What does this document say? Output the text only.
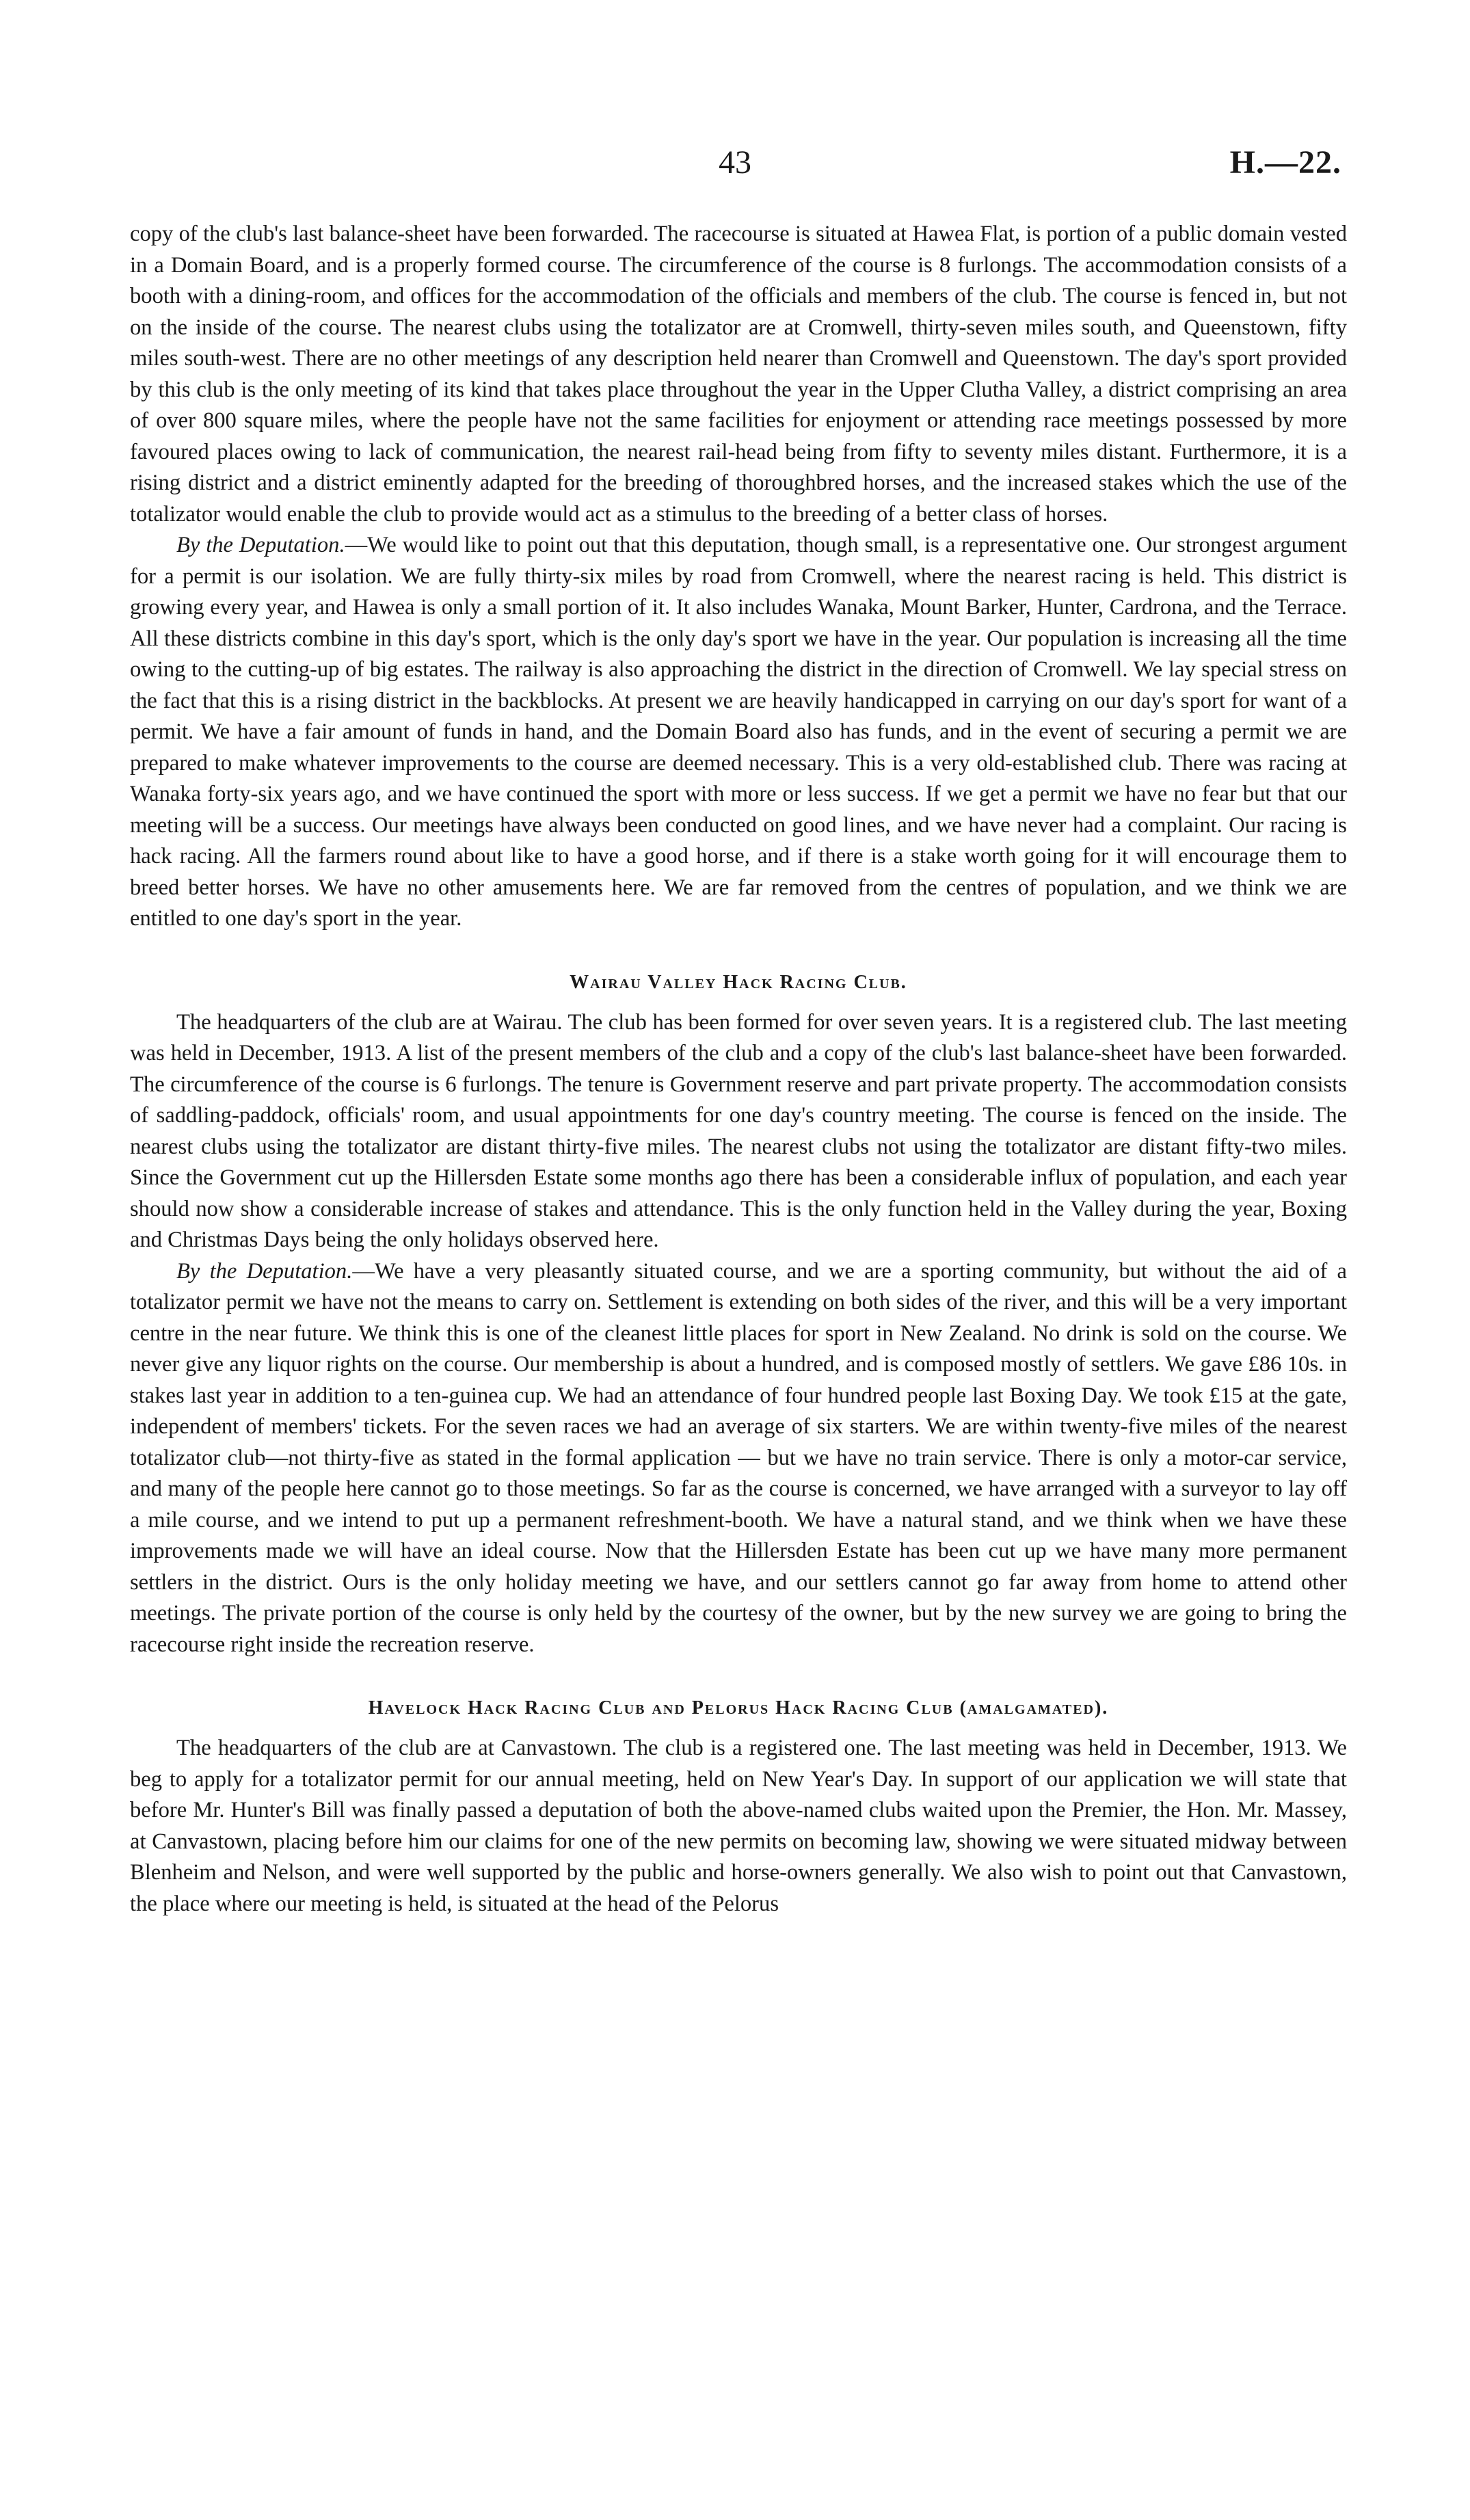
43	H.—22.

copy of the club's last balance-sheet have been forwarded. The racecourse is situated at Hawea Flat, is portion of a public domain vested in a Domain Board, and is a properly formed course. The circumference of the course is 8 furlongs. The accommodation consists of a booth with a dining-room, and offices for the accommodation of the officials and members of the club. The course is fenced in, but not on the inside of the course. The nearest clubs using the totalizator are at Cromwell, thirty-seven miles south, and Queenstown, fifty miles south-west. There are no other meetings of any description held nearer than Cromwell and Queenstown. The day's sport provided by this club is the only meeting of its kind that takes place throughout the year in the Upper Clutha Valley, a district comprising an area of over 800 square miles, where the people have not the same facilities for enjoyment or attending race meetings possessed by more favoured places owing to lack of communication, the nearest rail-head being from fifty to seventy miles distant. Furthermore, it is a rising district and a district eminently adapted for the breeding of thoroughbred horses, and the increased stakes which the use of the totalizator would enable the club to provide would act as a stimulus to the breeding of a better class of horses.

By the Deputation.—We would like to point out that this deputation, though small, is a representative one. Our strongest argument for a permit is our isolation. We are fully thirty-six miles by road from Cromwell, where the nearest racing is held. This district is growing every year, and Hawea is only a small portion of it. It also includes Wanaka, Mount Barker, Hunter, Cardrona, and the Terrace. All these districts combine in this day's sport, which is the only day's sport we have in the year. Our population is increasing all the time owing to the cutting-up of big estates. The railway is also approaching the district in the direction of Cromwell. We lay special stress on the fact that this is a rising district in the backblocks. At present we are heavily handicapped in carrying on our day's sport for want of a permit. We have a fair amount of funds in hand, and the Domain Board also has funds, and in the event of securing a permit we are prepared to make whatever improvements to the course are deemed necessary. This is a very old-established club. There was racing at Wanaka forty-six years ago, and we have continued the sport with more or less success. If we get a permit we have no fear but that our meeting will be a success. Our meetings have always been conducted on good lines, and we have never had a complaint. Our racing is hack racing. All the farmers round about like to have a good horse, and if there is a stake worth going for it will encourage them to breed better horses. We have no other amusements here. We are far removed from the centres of population, and we think we are entitled to one day's sport in the year.

Wairau Valley Hack Racing Club.

The headquarters of the club are at Wairau. The club has been formed for over seven years. It is a registered club. The last meeting was held in December, 1913. A list of the present members of the club and a copy of the club's last balance-sheet have been forwarded. The circumference of the course is 6 furlongs. The tenure is Government reserve and part private property. The accommodation consists of saddling-paddock, officials' room, and usual appointments for one day's country meeting. The course is fenced on the inside. The nearest clubs using the totalizator are distant thirty-five miles. The nearest clubs not using the totalizator are distant fifty-two miles. Since the Government cut up the Hillersden Estate some months ago there has been a considerable influx of population, and each year should now show a considerable increase of stakes and attendance. This is the only function held in the Valley during the year, Boxing and Christmas Days being the only holidays observed here.

By the Deputation.—We have a very pleasantly situated course, and we are a sporting community, but without the aid of a totalizator permit we have not the means to carry on. Settlement is extending on both sides of the river, and this will be a very important centre in the near future. We think this is one of the cleanest little places for sport in New Zealand. No drink is sold on the course. We never give any liquor rights on the course. Our membership is about a hundred, and is composed mostly of settlers. We gave £86 10s. in stakes last year in addition to a ten-guinea cup. We had an attendance of four hundred people last Boxing Day. We took £15 at the gate, independent of members' tickets. For the seven races we had an average of six starters. We are within twenty-five miles of the nearest totalizator club—not thirty-five as stated in the formal application — but we have no train service. There is only a motor-car service, and many of the people here cannot go to those meetings. So far as the course is concerned, we have arranged with a surveyor to lay off a mile course, and we intend to put up a permanent refreshment-booth. We have a natural stand, and we think when we have these improvements made we will have an ideal course. Now that the Hillersden Estate has been cut up we have many more permanent settlers in the district. Ours is the only holiday meeting we have, and our settlers cannot go far away from home to attend other meetings. The private portion of the course is only held by the courtesy of the owner, but by the new survey we are going to bring the racecourse right inside the recreation reserve.

Havelock Hack Racing Club and Pelorus Hack Racing Club (amalgamated).

The headquarters of the club are at Canvastown. The club is a registered one. The last meeting was held in December, 1913. We beg to apply for a totalizator permit for our annual meeting, held on New Year's Day. In support of our application we will state that before Mr. Hunter's Bill was finally passed a deputation of both the above-named clubs waited upon the Premier, the Hon. Mr. Massey, at Canvastown, placing before him our claims for one of the new permits on becoming law, showing we were situated midway between Blenheim and Nelson, and were well supported by the public and horse-owners generally. We also wish to point out that Canvastown, the place where our meeting is held, is situated at the head of the Pelorus
